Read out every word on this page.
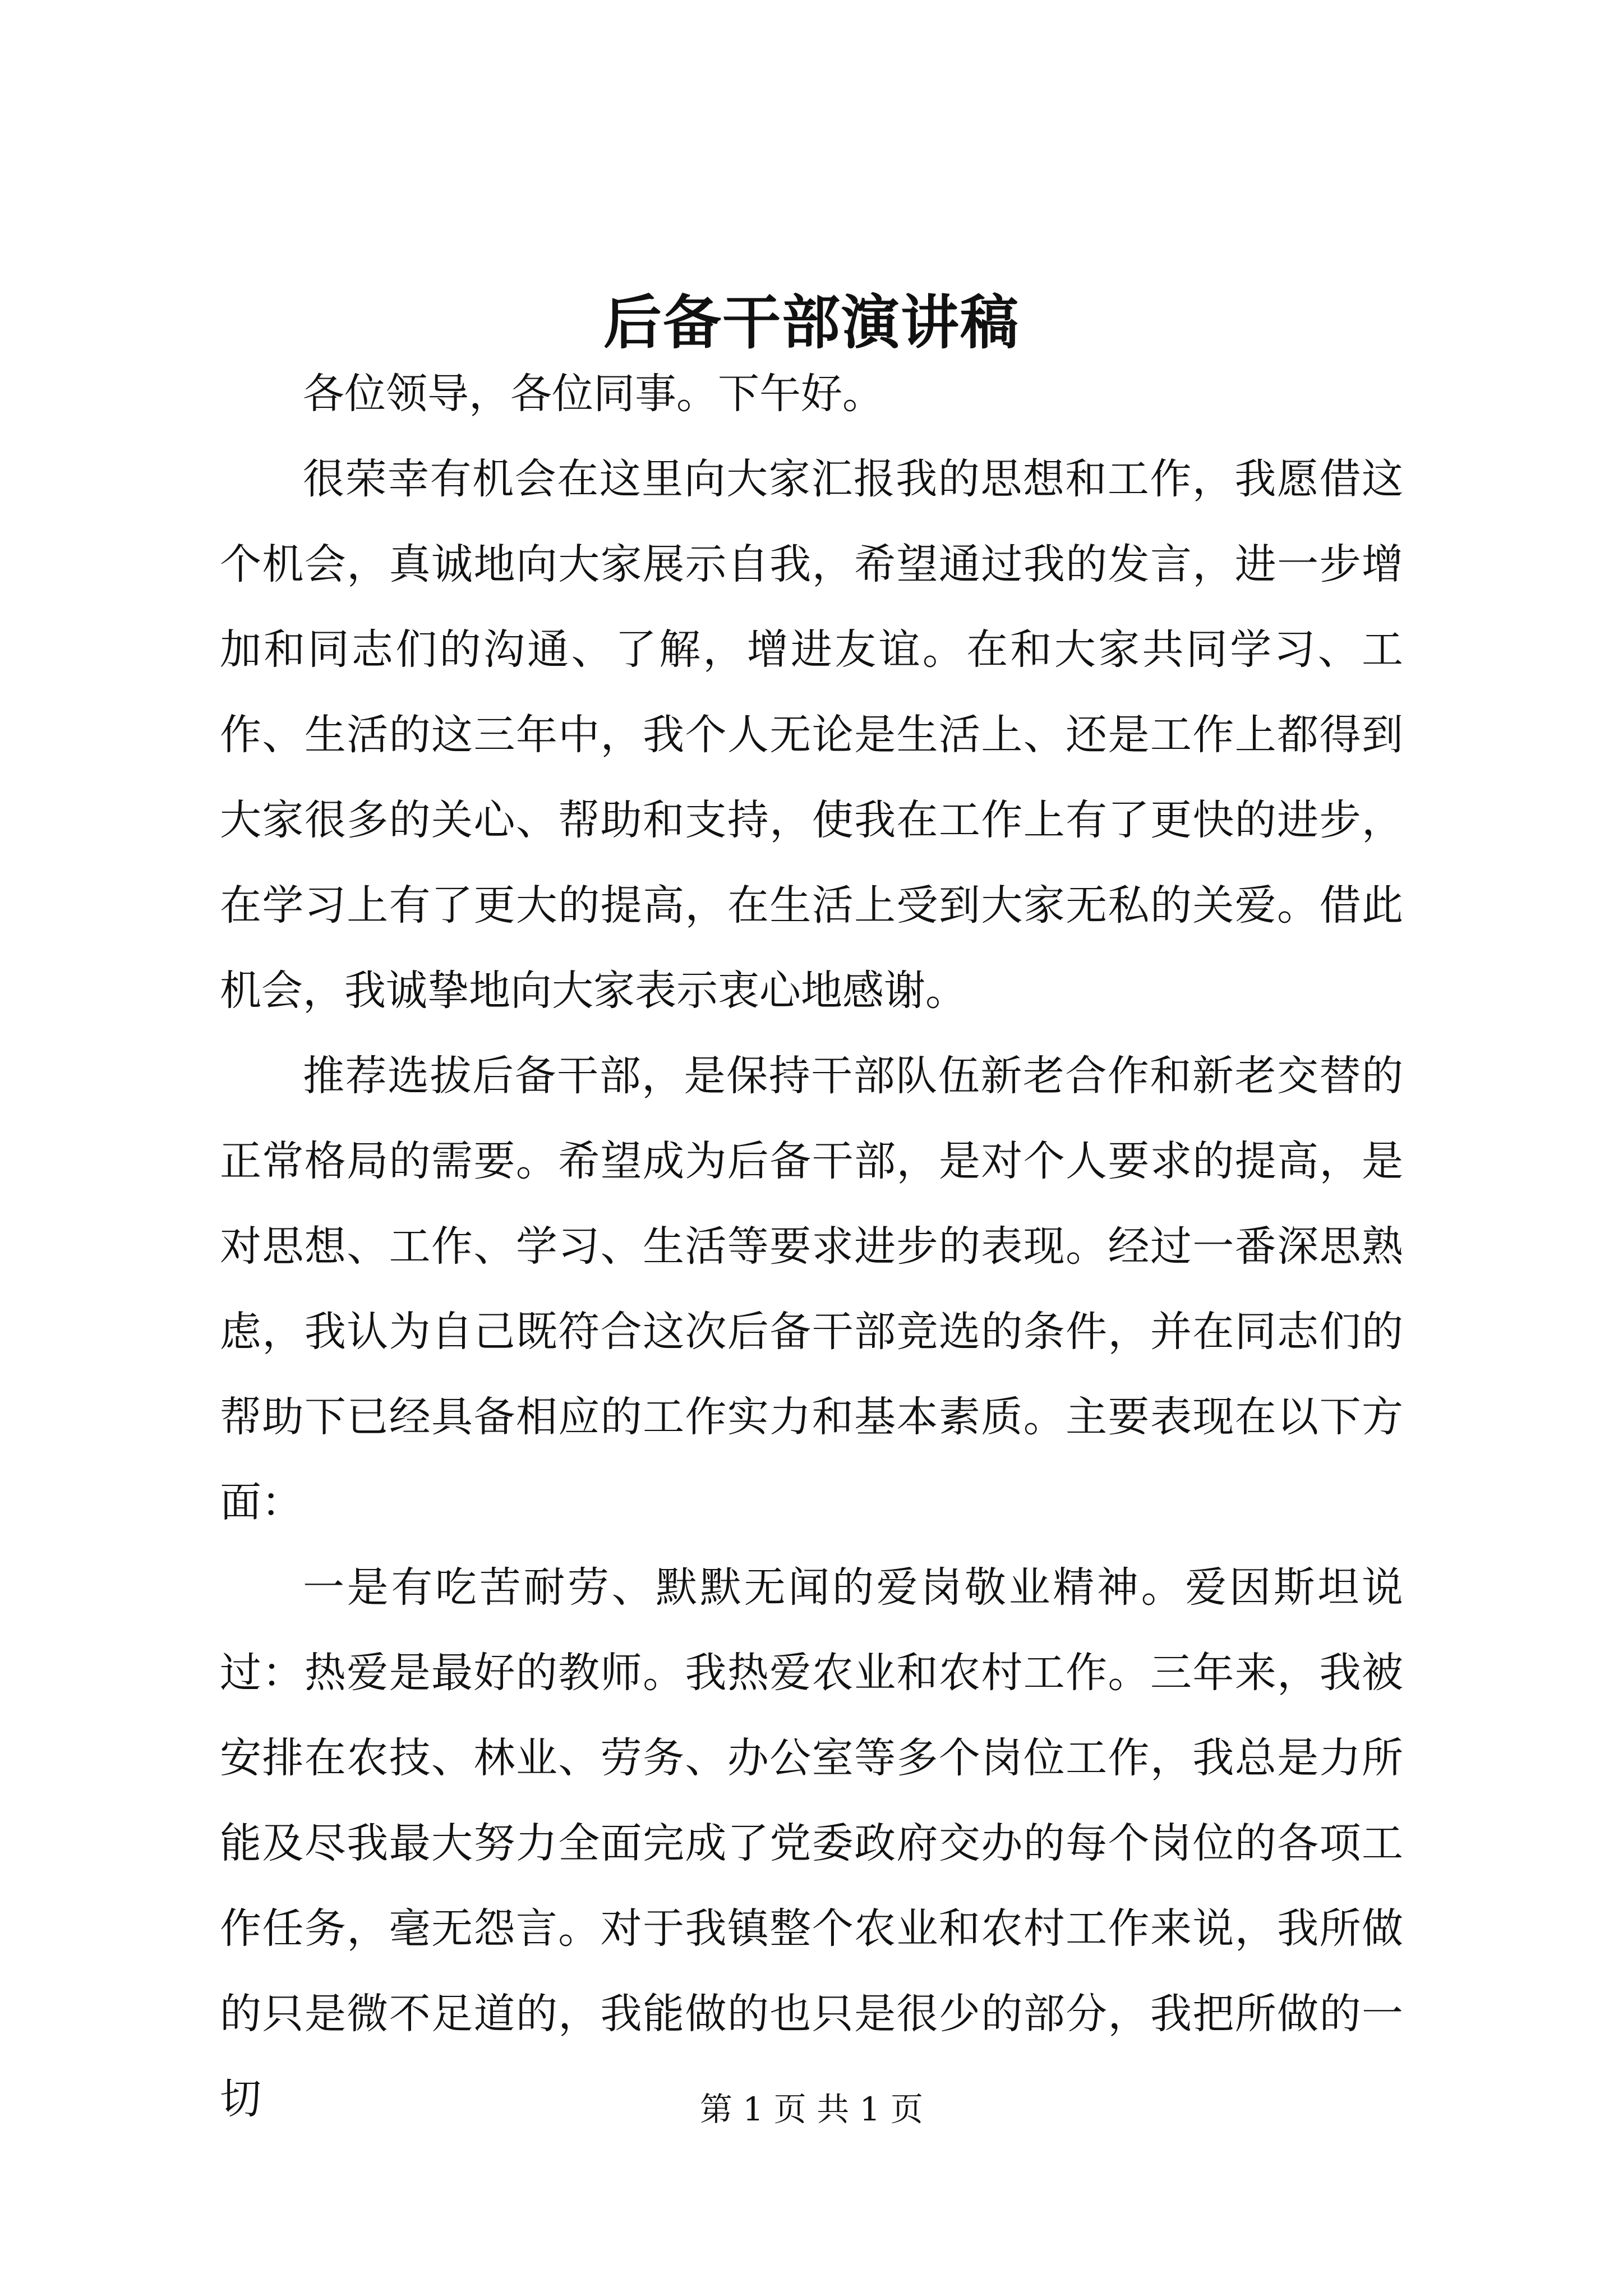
后备干部演讲稿

各位领导，各位同事。下午好。

很荣幸有机会在这里向大家汇报我的思想和工作，我愿借这个机会，真诚地向大家展示自我，希望通过我的发言，进一步增加和同志们的沟通、了解，增进友谊。在和大家共同学习、工作、生活的这三年中，我个人无论是生活上、还是工作上都得到大家很多的关心、帮助和支持，使我在工作上有了更快的进步，在学习上有了更大的提高，在生活上受到大家无私的关爱。借此机会，我诚挚地向大家表示衷心地感谢。

推荐选拔后备干部，是保持干部队伍新老合作和新老交替的正常格局的需要。希望成为后备干部，是对个人要求的提高，是对思想、工作、学习、生活等要求进步的表现。经过一番深思熟虑，我认为自己既符合这次后备干部竞选的条件，并在同志们的帮助下已经具备相应的工作实力和基本素质。主要表现在以下方面：

一是有吃苦耐劳、默默无闻的爱岗敬业精神。爱因斯坦说过：热爱是最好的教师。我热爱农业和农村工作。三年来，我被安排在农技、林业、劳务、办公室等多个岗位工作，我总是力所能及尽我最大努力全面完成了党委政府交办的每个岗位的各项工作任务，毫无怨言。对于我镇整个农业和农村工作来说，我所做的只是微不足道的，我能做的也只是很少的部分，我把所做的一切	第 1 页 共 1 页
